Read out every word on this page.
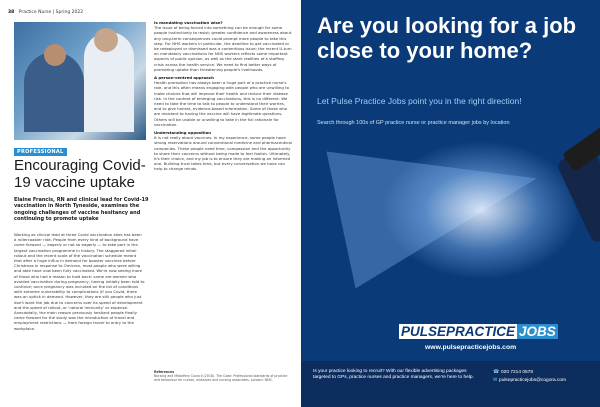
38 Practice Nurse | Spring 2022
PROFESSIONAL
Encouraging Covid-19 vaccine uptake

Elaine Francis, RN and clinical lead for Covid-19 vaccination in North Tyneside, examines the ongoing challenges of vaccine hesitancy and continuing to promote uptake

Working as clinical lead at three Covid vaccination sites has been a rollercoaster ride. People from every kind of background have come forward — eagerly or not so eagerly — to take part in the largest vaccination programme in history. The staggered initial rollout and the recent scale of the vaccination schedule meant that after a huge influx in demand for booster vaccines before Christmas in response to Omicron, most people who were willing and able have now been fully vaccinated. We're now seeing more of those who had a reason to hold back: some are women who avoided vaccination during pregnancy, having initially been told to continue; once pregnancy was included on the list of conditions with extreme vulnerability to complications (if you Covid, there was an uptick in demand. However, they are still people who just don't want the jab due to concerns over its speed of development and the speed of rollout, or 'natural immunity' or expense. Anecdotally, the main reason previously hesitant people finally came forward for the study was the introduction of travel and employment restrictions — from foreign travel to entry to the workplace.

Is mandating vaccination wise?
The issue of being forced into something can be enough for some people instinctively to resist; greater confidence and awareness about any long-term consequences could prompt more people to take this step. For NHS workers in particular, the deadline to get vaccinated or be redeployed or dismissed was a contentious issue; the recent U-turn on mandatory vaccinations for NHS workers reflects some important aspects of public opinion, as well as the stark realities of a staffing crisis across the health service. We need to find better ways of promoting uptake than threatening people's livelihoods.
A person-centred approach
Health promotion has always been a huge part of a practice nurse's role, and this often means engaging with people who are unwilling to make choices that will improve their health and reduce their disease risk. In the context of emerging vaccinations, this is no different. We need to take the time to talk to people to understand their worries, and to give honest, evidence-based information. Some of those who are resistant to having the vaccine will have legitimate questions. Others will be unable or unwilling to take in the full rationale for vaccination.
Understanding opposition
It is not really about vaccines. In my experience, some people have strong reservations around conventional medicine and pharmaceutical companies. These people need time, compassion and the opportunity to share their concerns without being made to feel foolish. Ultimately, it's their choice, and my job is to ensure they are making an informed one. Building trust takes time, but every conversation we have can help to change minds.
References
Nursing and Midwifery Council (2018). The Code: Professional standards of practice and behaviour for nurses, midwives and nursing associates. London: NMC.
Are you looking for a job close to your home?

Let Pulse Practice Jobs point you in the right direction!

Search through 100s of GP practice nurse or practice manager jobs by location

PULSEPRACTICE JOBS
www.pulsepracticejobs.com

Is your practice looking to recruit? With our flexible advertising packages targeted to GPs, practice nurses and practice managers, we're here to help.

☎ 020 7214 0578
✉ pulsepracticejobs@cogora.com
